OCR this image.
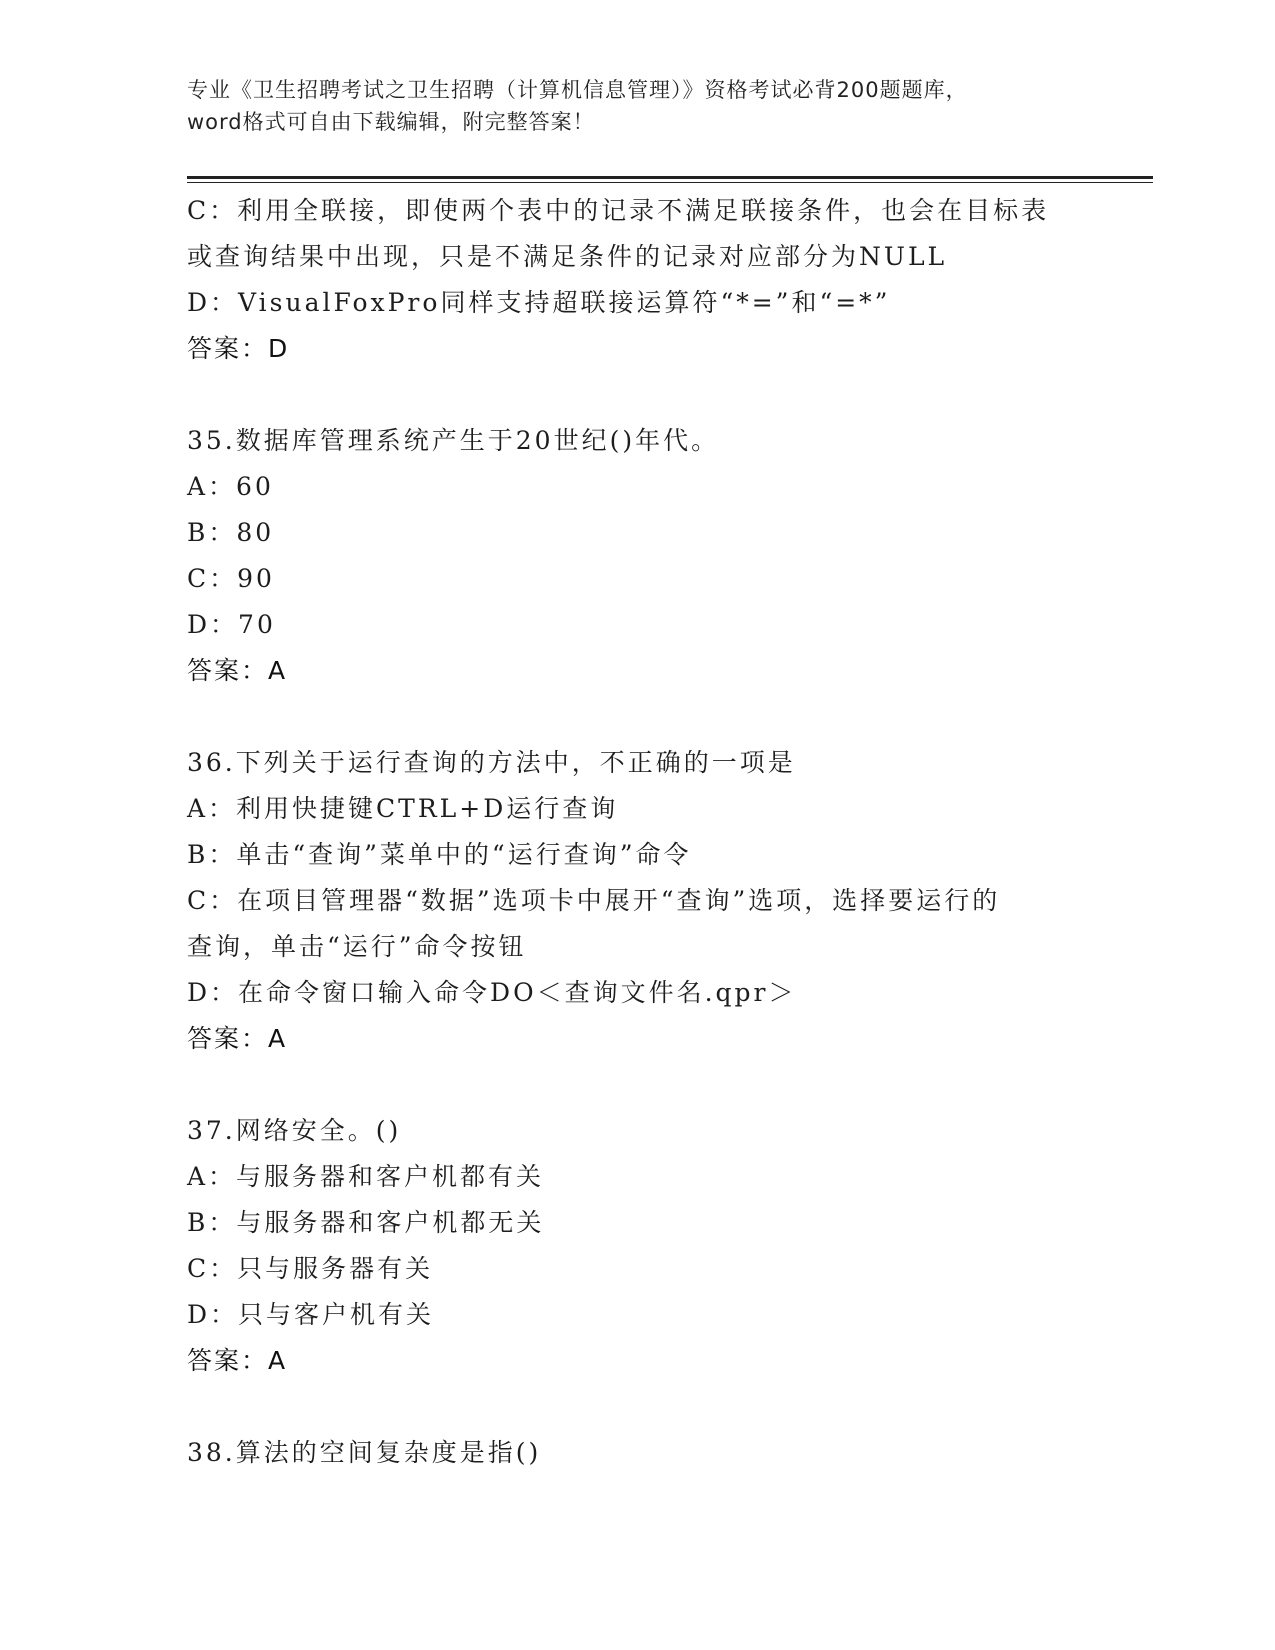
专业《卫生招聘考试之卫生招聘（计算机信息管理）》资格考试必背200题题库，
word格式可自由下载编辑，附完整答案！
C：利用全联接，即使两个表中的记录不满足联接条件，也会在目标表
或查询结果中出现，只是不满足条件的记录对应部分为NULL
D：VisualFoxPro同样支持超联接运算符“*=”和“=*”
答案：D
35.数据库管理系统产生于20世纪()年代。
A：60
B：80
C：90
D：70
答案：A
36.下列关于运行查询的方法中，不正确的一项是
A：利用快捷键CTRL+D运行查询
B：单击“查询”菜单中的“运行查询”命令
C：在项目管理器“数据”选项卡中展开“查询”选项，选择要运行的
查询，单击“运行”命令按钮
D：在命令窗口输入命令DO＜查询文件名.qpr＞
答案：A
37.网络安全。()
A：与服务器和客户机都有关
B：与服务器和客户机都无关
C：只与服务器有关
D：只与客户机有关
答案：A
38.算法的空间复杂度是指()
